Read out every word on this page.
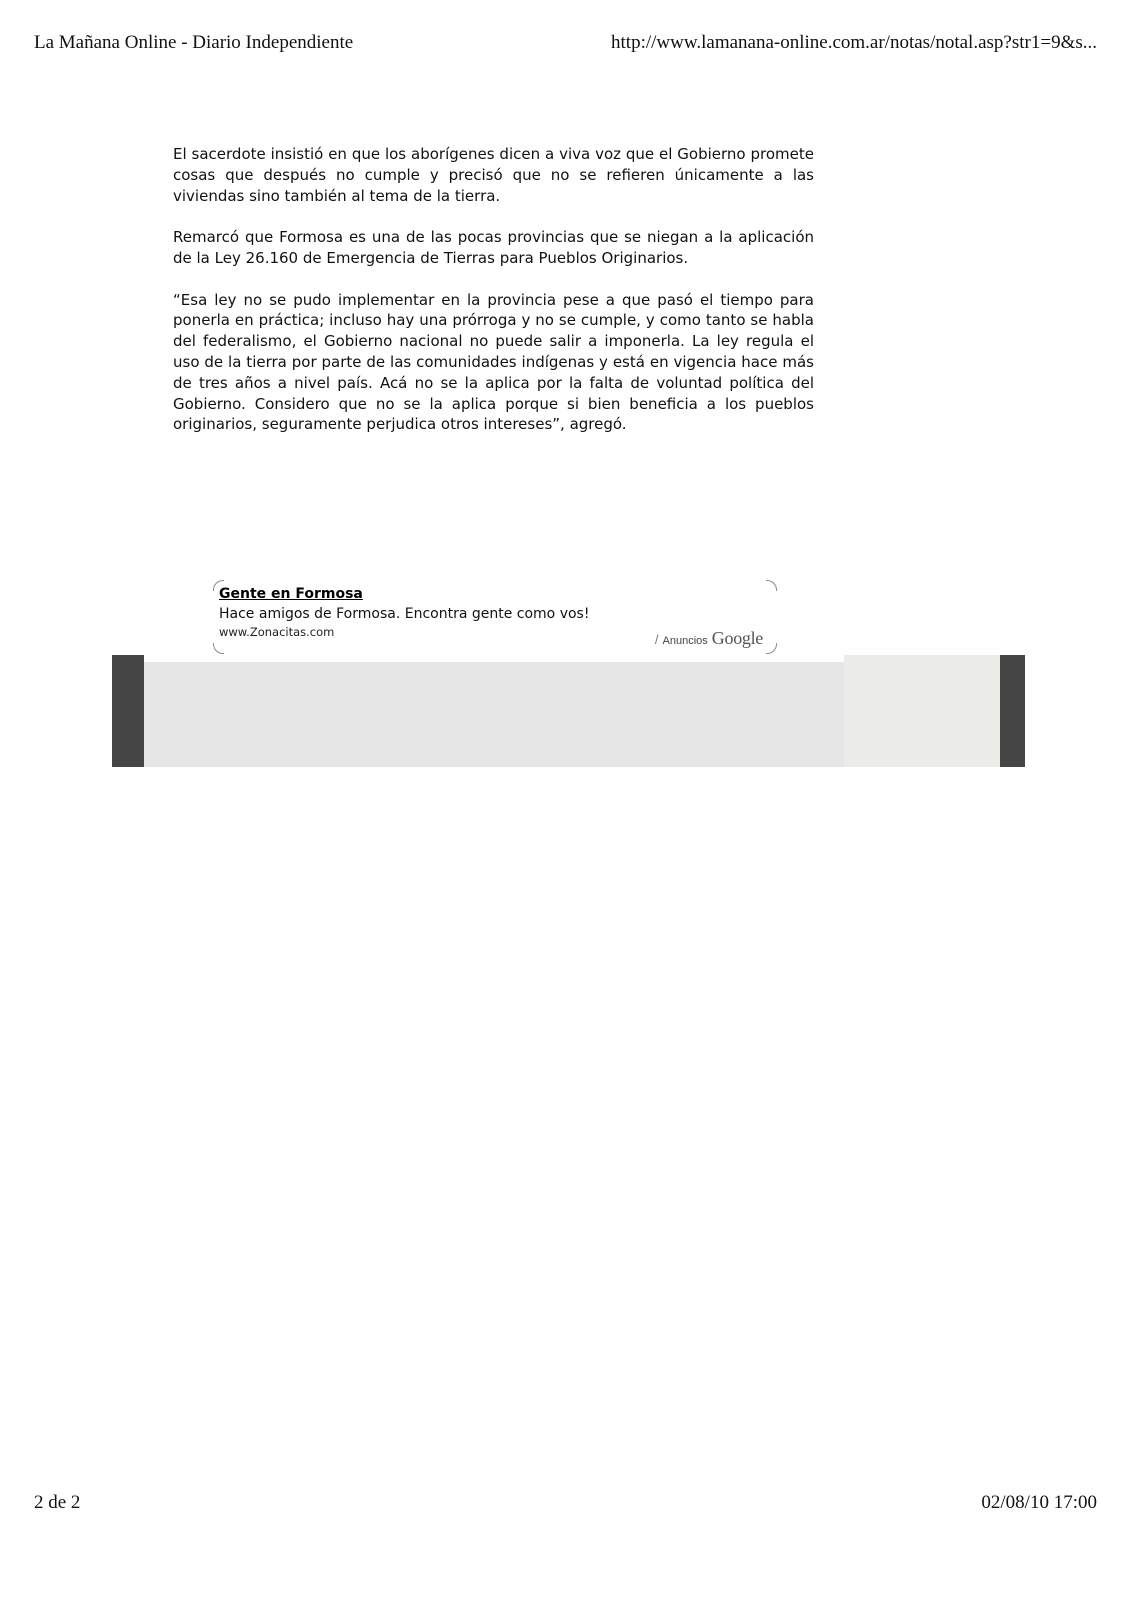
La Mañana Online - Diario Independiente	http://www.lamanana-online.com.ar/notas/notal.asp?str1=9&s...

El sacerdote insistió en que los aborígenes dicen a viva voz que el Gobierno promete cosas que después no cumple y precisó que no se refieren únicamente a las viviendas sino también al tema de la tierra.

Remarcó que Formosa es una de las pocas provincias que se niegan a la aplicación de la Ley 26.160 de Emergencia de Tierras para Pueblos Originarios.

“Esa ley no se pudo implementar en la provincia pese a que pasó el tiempo para ponerla en práctica; incluso hay una prórroga y no se cumple, y como tanto se habla del federalismo, el Gobierno nacional no puede salir a imponerla. La ley regula el uso de la tierra por parte de las comunidades indígenas y está en vigencia hace más de tres años a nivel país. Acá no se la aplica por la falta de voluntad política del Gobierno. Considero que no se la aplica porque si bien beneficia a los pueblos originarios, seguramente perjudica otros intereses”, agregó.

Gente en Formosa
Hace amigos de Formosa. Encontra gente como vos!
www.Zonacitas.com	/ Anuncios Google
2 de 2	02/08/10 17:00
